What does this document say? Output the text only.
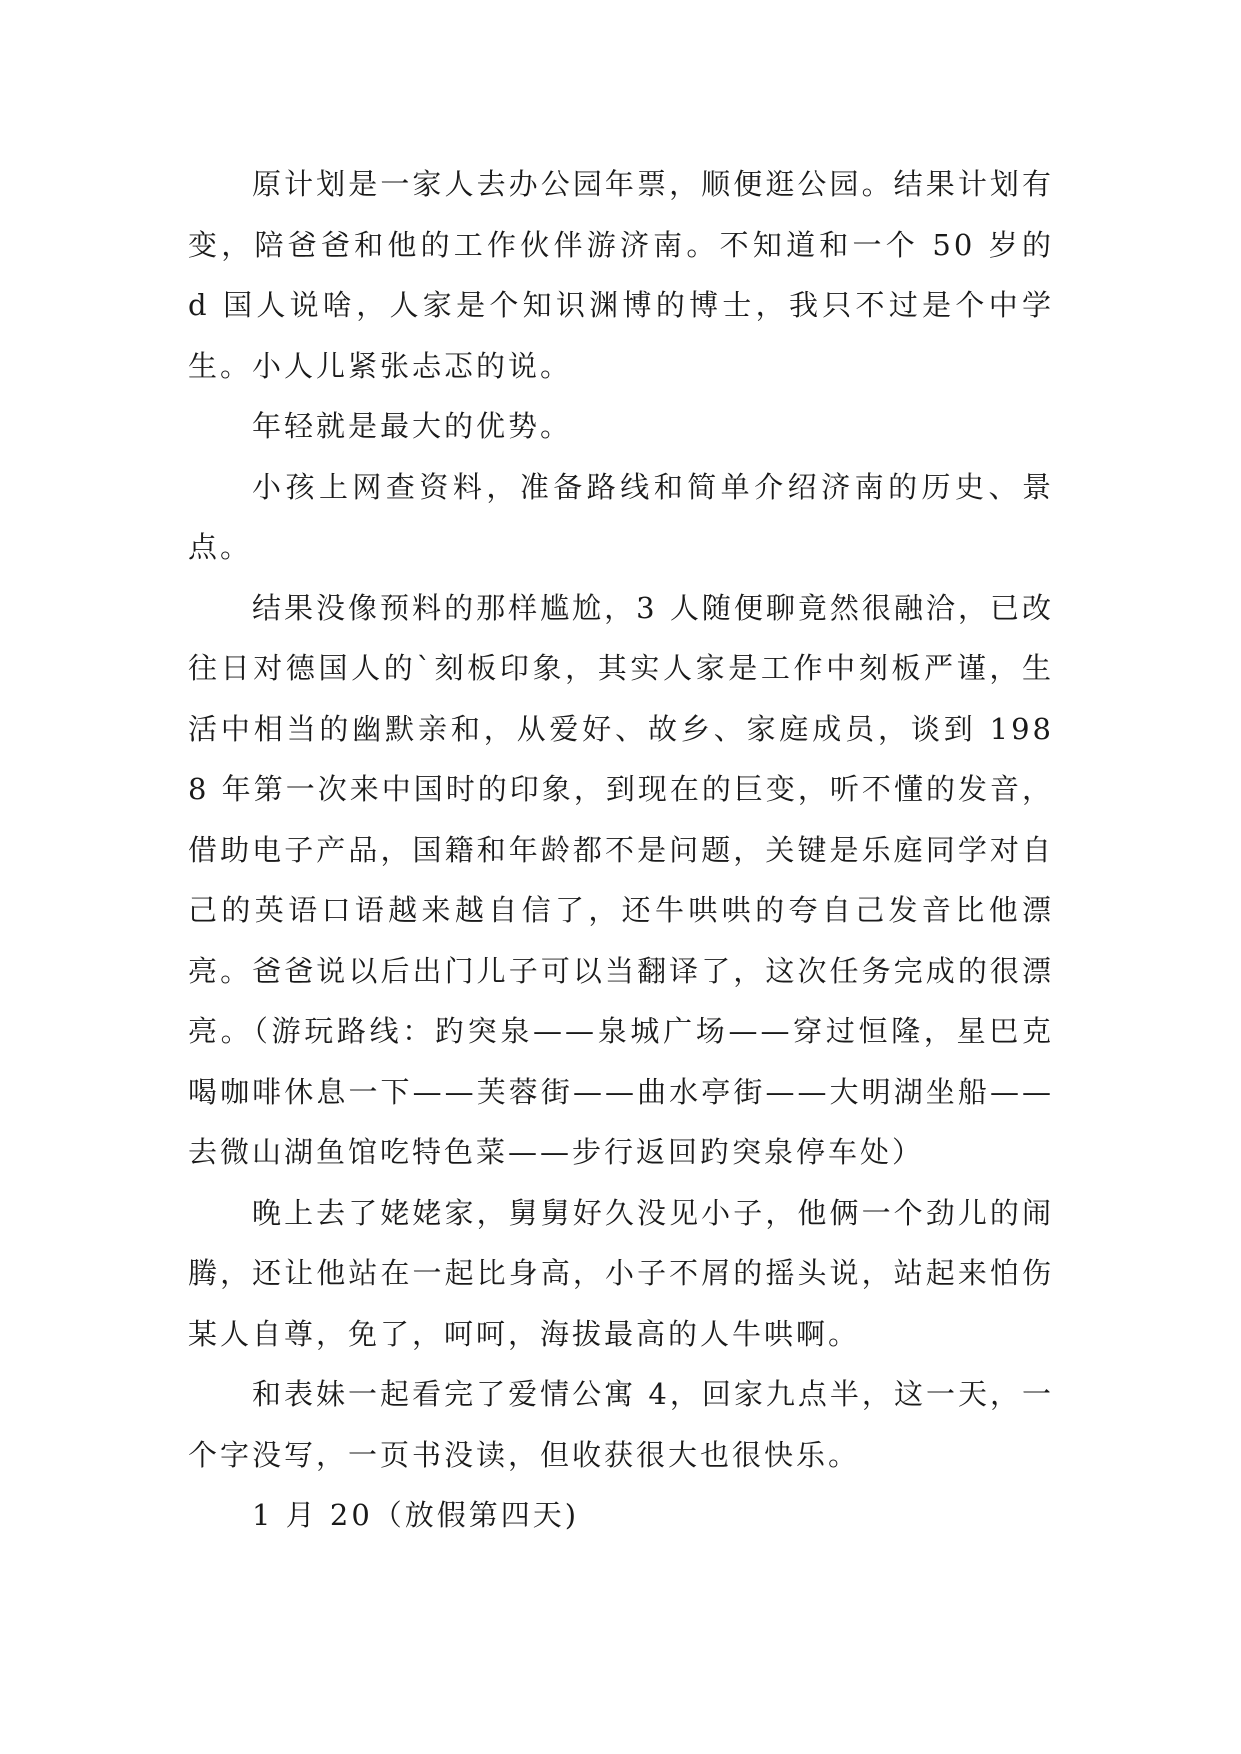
原计划是一家人去办公园年票，顺便逛公园。结果计划有变，陪爸爸和他的工作伙伴游济南。不知道和一个 50 岁的 d 国人说啥，人家是个知识渊博的博士，我只不过是个中学生。小人儿紧张忐忑的说。

年轻就是最大的优势。

小孩上网查资料，准备路线和简单介绍济南的历史、景点。

结果没像预料的那样尴尬，3 人随便聊竟然很融洽，已改往日对德国人的`刻板印象，其实人家是工作中刻板严谨，生活中相当的幽默亲和，从爱好、故乡、家庭成员，谈到 1988 年第一次来中国时的印象，到现在的巨变，听不懂的发音，借助电子产品，国籍和年龄都不是问题，关键是乐庭同学对自己的英语口语越来越自信了，还牛哄哄的夸自己发音比他漂亮。爸爸说以后出门儿子可以当翻译了，这次任务完成的很漂亮。（游玩路线：趵突泉——泉城广场——穿过恒隆，星巴克喝咖啡休息一下——芙蓉街——曲水亭街——大明湖坐船——去微山湖鱼馆吃特色菜——步行返回趵突泉停车处）

晚上去了姥姥家，舅舅好久没见小子，他俩一个劲儿的闹腾，还让他站在一起比身高，小子不屑的摇头说，站起来怕伤某人自尊，免了，呵呵，海拔最高的人牛哄啊。

和表妹一起看完了爱情公寓 4，回家九点半，这一天，一个字没写，一页书没读，但收获很大也很快乐。

1 月 20（放假第四天)
